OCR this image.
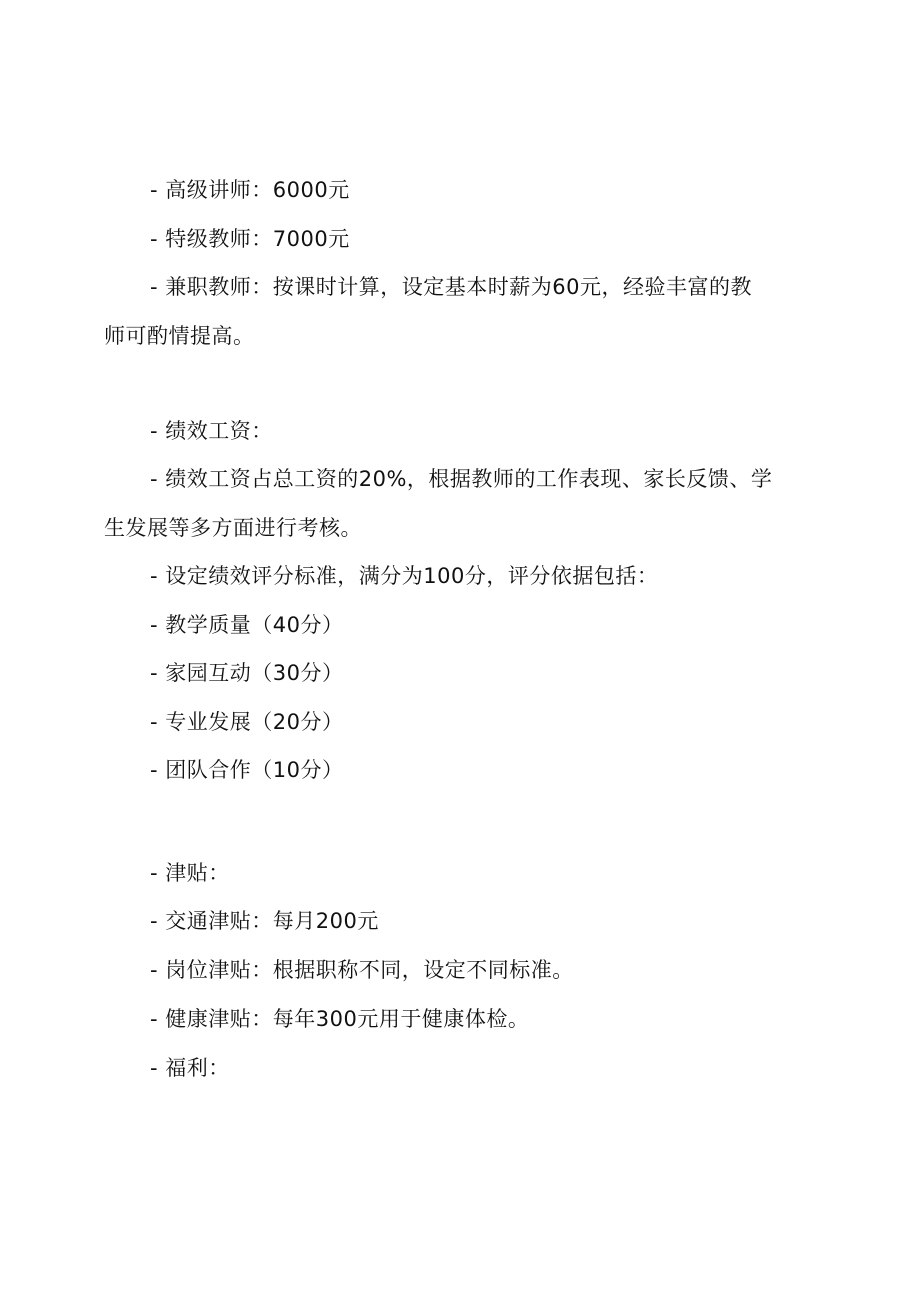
- 高级讲师：6000元
- 特级教师：7000元
- 兼职教师：按课时计算，设定基本时薪为60元，经验丰富的教
师可酌情提高。
- 绩效工资：
- 绩效工资占总工资的20%，根据教师的工作表现、家长反馈、学
生发展等多方面进行考核。
- 设定绩效评分标准，满分为100分，评分依据包括：
- 教学质量（40分）
- 家园互动（30分）
- 专业发展（20分）
- 团队合作（10分）
- 津贴：
- 交通津贴：每月200元
- 岗位津贴：根据职称不同，设定不同标准。
- 健康津贴：每年300元用于健康体检。
- 福利：
